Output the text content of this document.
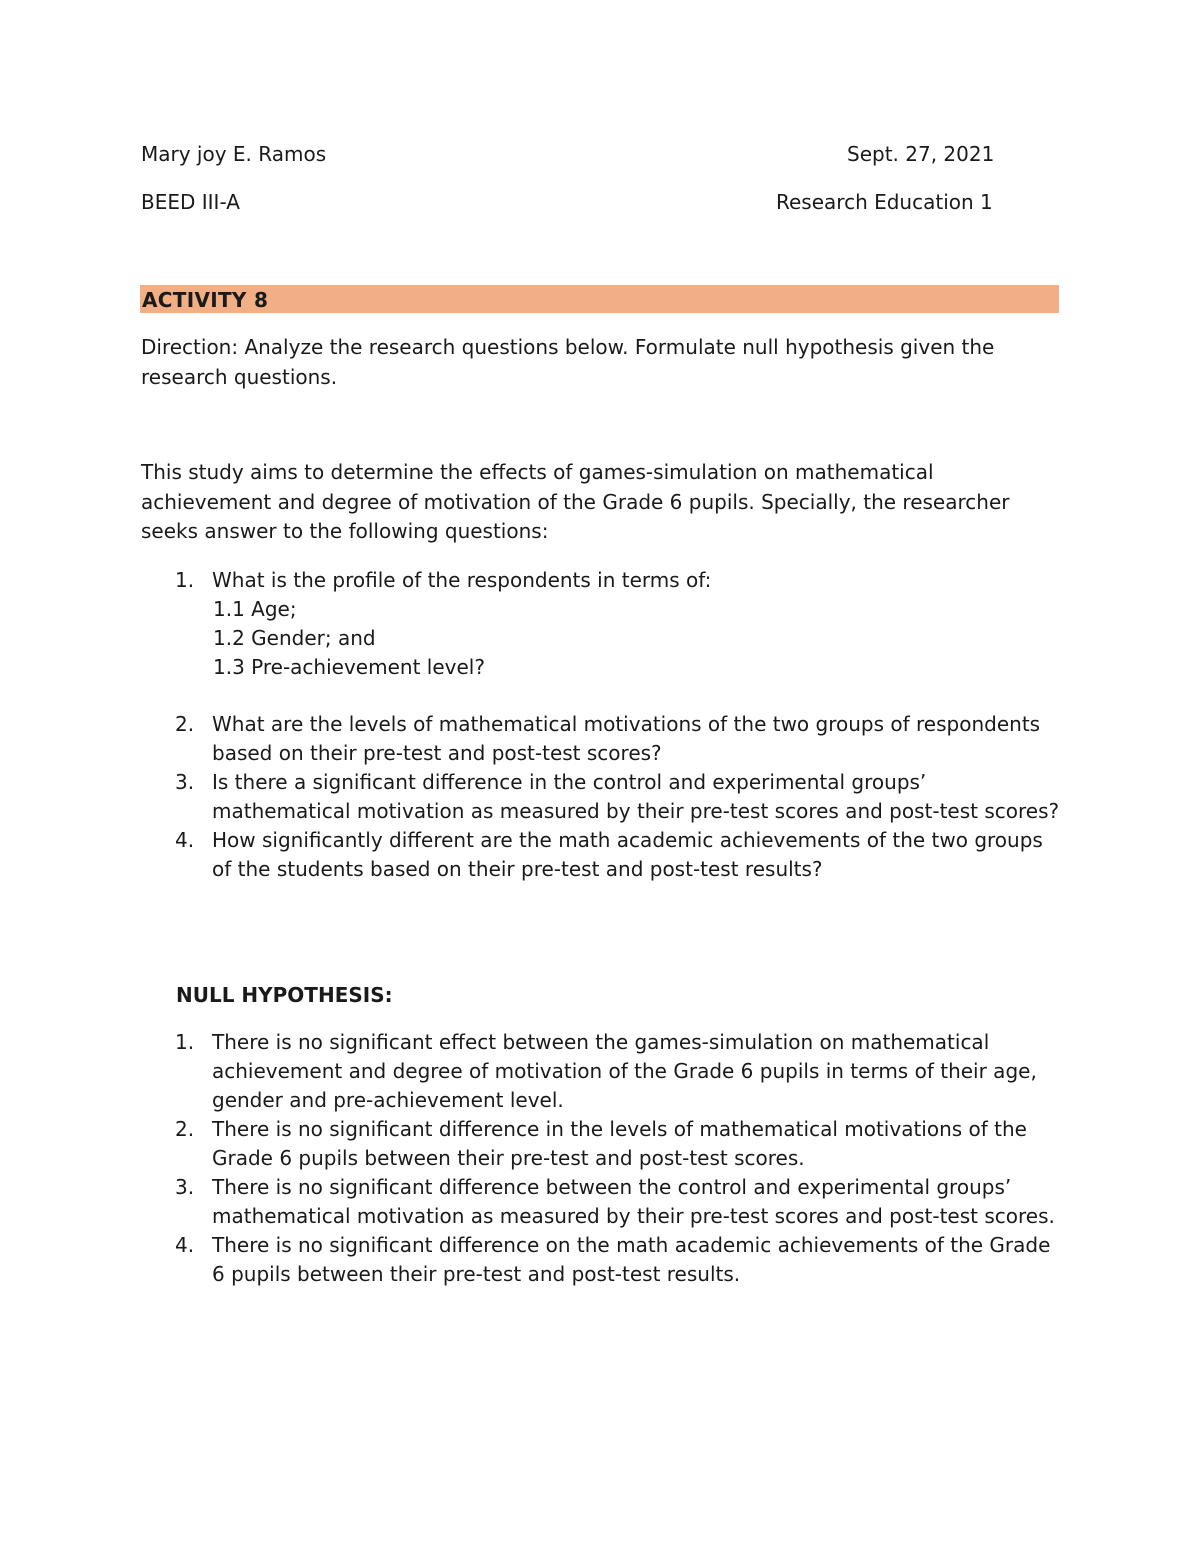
Mary joy E. Ramos	Sept. 27, 2021
BEED III-A	Research Education 1
ACTIVITY 8
Direction: Analyze the research questions below. Formulate null hypothesis given the research questions.
This study aims to determine the effects of games-simulation on mathematical achievement and degree of motivation of the Grade 6 pupils. Specially, the researcher seeks answer to the following questions:
1. What is the profile of the respondents in terms of:
1.1 Age;
1.2 Gender; and
1.3 Pre-achievement level?
2. What are the levels of mathematical motivations of the two groups of respondents based on their pre-test and post-test scores?
3. Is there a significant difference in the control and experimental groups’ mathematical motivation as measured by their pre-test scores and post-test scores?
4. How significantly different are the math academic achievements of the two groups of the students based on their pre-test and post-test results?
NULL HYPOTHESIS:
1. There is no significant effect between the games-simulation on mathematical achievement and degree of motivation of the Grade 6 pupils in terms of their age, gender and pre-achievement level.
2. There is no significant difference in the levels of mathematical motivations of the Grade 6 pupils between their pre-test and post-test scores.
3. There is no significant difference between the control and experimental groups’ mathematical motivation as measured by their pre-test scores and post-test scores.
4. There is no significant difference on the math academic achievements of the Grade 6 pupils between their pre-test and post-test results.
